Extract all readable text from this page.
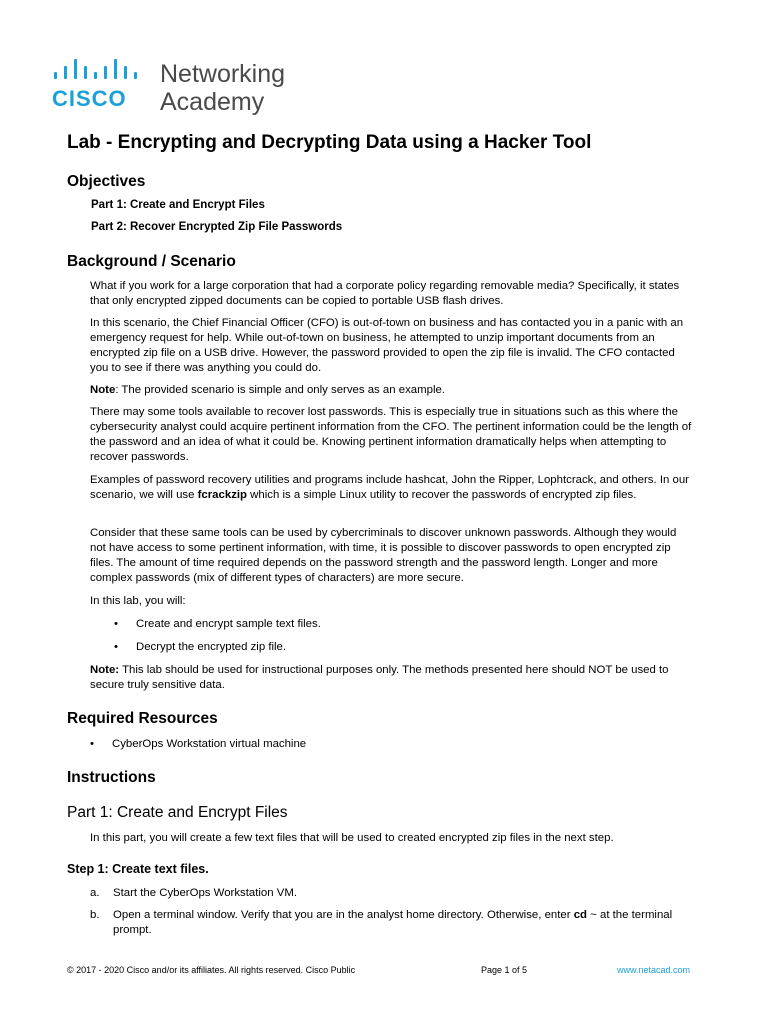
CISCO
Networking
Academy
Lab - Encrypting and Decrypting Data using a Hacker Tool
Objectives
Part 1: Create and Encrypt Files
Part 2: Recover Encrypted Zip File Passwords
Background / Scenario

What if you work for a large corporation that had a corporate policy regarding removable media? Specifically, it states that only encrypted zipped documents can be copied to portable USB flash drives.

In this scenario, the Chief Financial Officer (CFO) is out-of-town on business and has contacted you in a panic with an emergency request for help. While out-of-town on business, he attempted to unzip important documents from an encrypted zip file on a USB drive. However, the password provided to open the zip file is invalid. The CFO contacted you to see if there was anything you could do.

Note: The provided scenario is simple and only serves as an example.

There may some tools available to recover lost passwords. This is especially true in situations such as this where the cybersecurity analyst could acquire pertinent information from the CFO. The pertinent information could be the length of the password and an idea of what it could be. Knowing pertinent information dramatically helps when attempting to recover passwords.

Examples of password recovery utilities and programs include hashcat, John the Ripper, Lophtcrack, and others. In our scenario, we will use fcrackzip which is a simple Linux utility to recover the passwords of encrypted zip files.

Consider that these same tools can be used by cybercriminals to discover unknown passwords. Although they would not have access to some pertinent information, with time, it is possible to discover passwords to open encrypted zip files. The amount of time required depends on the password strength and the password length. Longer and more complex passwords (mix of different types of characters) are more secure.

In this lab, you will:

• Create and encrypt sample text files.
• Decrypt the encrypted zip file.

Note: This lab should be used for instructional purposes only. The methods presented here should NOT be used to secure truly sensitive data.

Required Resources
• CyberOps Workstation virtual machine
Instructions
Part 1: Create and Encrypt Files

In this part, you will create a few text files that will be used to created encrypted zip files in the next step.

Step 1: Create text files.
a. Start the CyberOps Workstation VM.
b. Open a terminal window. Verify that you are in the analyst home directory. Otherwise, enter cd ~ at the terminal prompt.
© 2017 - 2020 Cisco and/or its affiliates. All rights reserved. Cisco Public	Page 1 of 5	www.netacad.com
